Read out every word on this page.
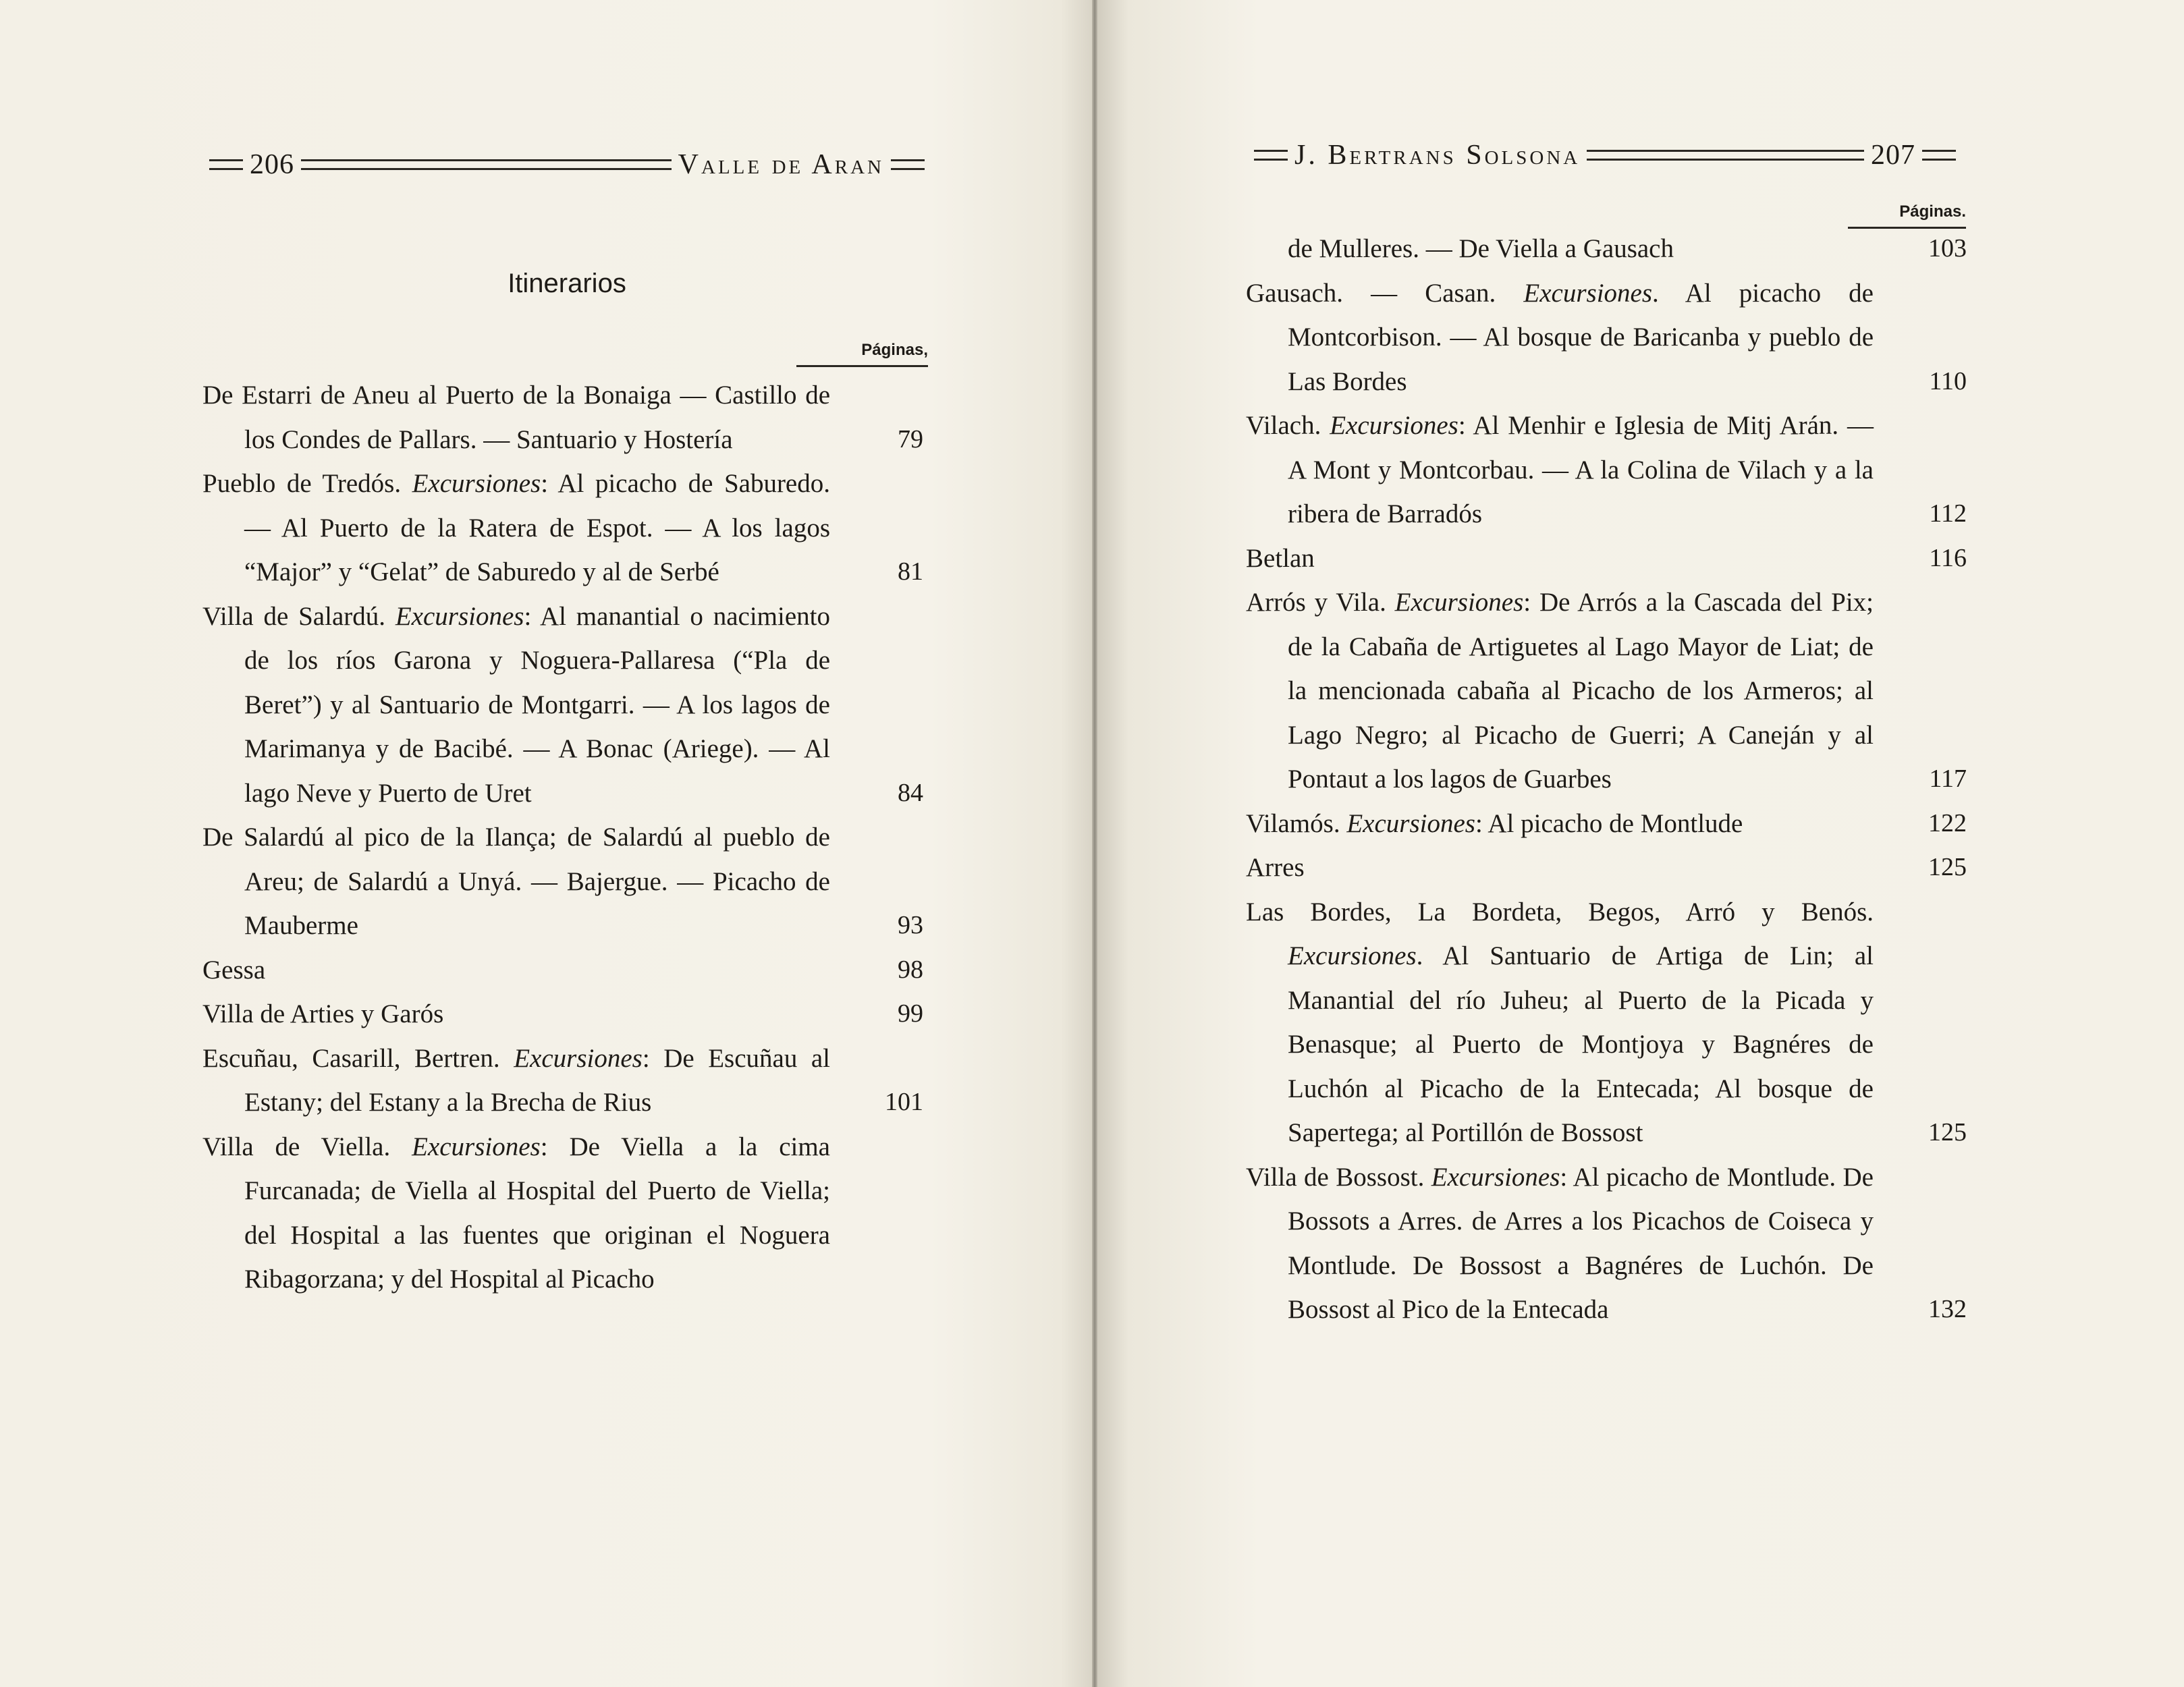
206	Valle de Aran
Itinerarios
Páginas,
De Estarri de Aneu al Puerto de la Bonaiga — Castillo de los Condes de Pallars. — Santuario y Hostería	79
Pueblo de Tredós. Excursiones: Al picacho de Saburedo. — Al Puerto de la Ratera de Espot. — A los lagos “Major” y “Gelat” de Saburedo y al de Serbé	81
Villa de Salardú. Excursiones: Al manantial o nacimiento de los ríos Garona y Noguera-Pallaresa (“Pla de Beret”) y al Santuario de Montgarri. — A los lagos de Marimanya y de Bacibé. — A Bonac (Ariege). — Al lago Neve y Puerto de Uret	84
De Salardú al pico de la Ilança; de Salardú al pueblo de Areu; de Salardú a Unyá. — Bajergue. — Picacho de Mauberme	93
Gessa	98
Villa de Arties y Garós	99
Escuñau, Casarill, Bertren. Excursiones: De Escuñau al Estany; del Estany a la Brecha de Rius	101
Villa de Viella. Excursiones: De Viella a la cima Furcanada; de Viella al Hospital del Puerto de Viella; del Hospital a las fuentes que originan el Noguera Ribagorzana; y del Hospital al Picacho
J. Bertrans Solsona	207
Páginas.
de Mulleres. — De Viella a Gausach	103
Gausach. — Casan. Excursiones. Al picacho de Montcorbison. — Al bosque de Baricanba y pueblo de Las Bordes	110
Vilach. Excursiones: Al Menhir e Iglesia de Mitj Arán. — A Mont y Montcorbau. — A la Colina de Vilach y a la ribera de Barradós	112
Betlan	116
Arrós y Vila. Excursiones: De Arrós a la Cascada del Pix; de la Cabaña de Artiguetes al Lago Mayor de Liat; de la mencionada cabaña al Picacho de los Armeros; al Lago Negro; al Picacho de Guerri; A Caneján y al Pontaut a los lagos de Guarbes	117
Vilamós. Excursiones: Al picacho de Montlude	122
Arres	125
Las Bordes, La Bordeta, Begos, Arró y Benós. Excursiones. Al Santuario de Artiga de Lin; al Manantial del río Juheu; al Puerto de la Picada y Benasque; al Puerto de Montjoya y Bagnéres de Luchón al Picacho de la Entecada; Al bosque de Sapertega; al Portillón de Bossost	125
Villa de Bossost. Excursiones: Al picacho de Montlude. De Bossots a Arres. de Arres a los Picachos de Coiseca y Montlude. De Bossost a Bagnéres de Luchón. De Bossost al Pico de la Entecada	132
